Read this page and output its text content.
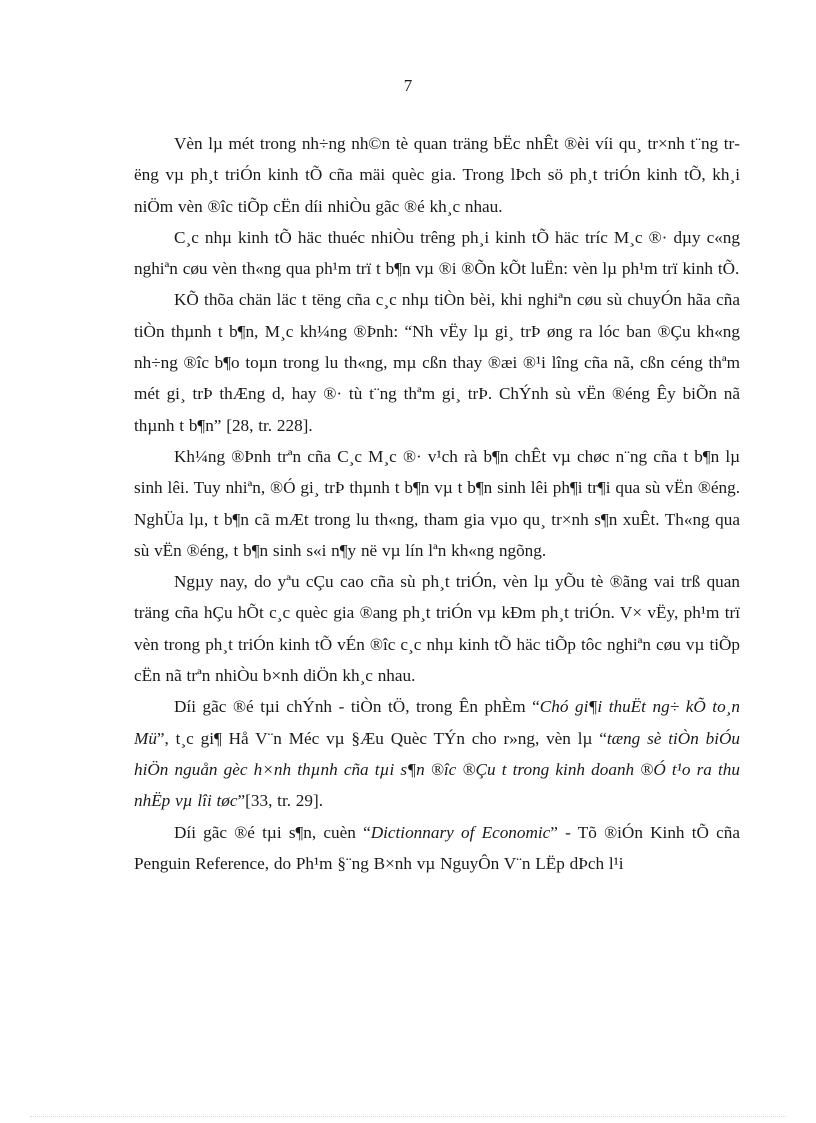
7

Vèn lµ mét trong nh÷ng nh©n tè quan träng bËc nhÊt ®èi víi qu¸ tr×nh t¨ng trëng vµ ph¸t triÓn kinh tÕ cña mäi quèc gia. Trong lÞch sö ph¸t triÓn kinh tÕ, kh¸i niÖm vèn ®îc tiÕp cËn díi nhiÒu gãc ®é kh¸c nhau.

C¸c nhµ kinh tÕ häc thuéc nhiÒu trêng ph¸i kinh tÕ häc tríc M¸c ®· dµy c«ng nghiªn cøu vèn th«ng qua ph¹m trï t b¶n vµ ®i ®Õn kÕt luËn: vèn lµ ph¹m trï kinh tÕ.

KÕ thõa chän läc t tëng cña c¸c nhµ tiÒn bèi, khi nghiªn cøu sù chuyÓn hãa cña tiÒn thµnh t b¶n, M¸c kh¼ng ®Þnh: “Nh vËy lµ gi¸ trÞ øng ra lóc ban ®Çu kh«ng nh÷ng ®îc b¶o toµn trong lu th«ng, mµ cßn thay ®æi ®¹i lîng cña nã, cßn céng thªm mét gi¸ trÞ thÆng d, hay ®· tù t¨ng thªm gi¸ trÞ. ChÝnh sù vËn ®éng Êy biÕn nã thµnh t b¶n” [28, tr. 228].

Kh¼ng ®Þnh trªn cña C¸c M¸c ®· v¹ch rà b¶n chÊt vµ chøc n¨ng cña t b¶n lµ sinh lêi. Tuy nhiªn, ®Ó gi¸ trÞ thµnh t b¶n vµ t b¶n sinh lêi ph¶i tr¶i qua sù vËn ®éng. NghÜa lµ, t b¶n cã mÆt trong lu th«ng, tham gia vµo qu¸ tr×nh s¶n xuÊt. Th«ng qua sù vËn ®éng, t b¶n sinh s«i n¶y në vµ lín lªn kh«ng ngõng.

Ngµy nay, do yªu cÇu cao cña sù ph¸t triÓn, vèn lµ yÕu tè ®ãng vai trß quan träng cña hÇu hÕt c¸c quèc gia ®ang ph¸t triÓn vµ kÐm ph¸t triÓn. V× vËy, ph¹m trï vèn trong ph¸t triÓn kinh tÕ vÉn ®îc c¸c nhµ kinh tÕ häc tiÕp tôc nghiªn cøu vµ tiÕp cËn nã trªn nhiÒu b×nh diÖn kh¸c nhau.

Díi gãc ®é tµi chÝnh - tiÒn tÖ, trong Ên phÈm “Chó gi¶i thuËt ng÷ kÕ to¸n Mü”, t¸c gi¶ Hå V¨n Méc vµ §Æu Quèc TÝn cho r»ng, vèn lµ “tæng sè tiÒn biÓu hiÖn nguån gèc h×nh thµnh cña tµi s¶n ®îc ®Çu t trong kinh doanh ®Ó t¹o ra thu nhËp vµ lîi tøc”[33, tr. 29].

Díi gãc ®é tµi s¶n, cuèn “Dictionnary of Economic” - Tõ ®iÓn Kinh tÕ cña Penguin Reference, do Ph¹m §¨ng B×nh vµ NguyÔn V¨n LËp dÞch l¹i
